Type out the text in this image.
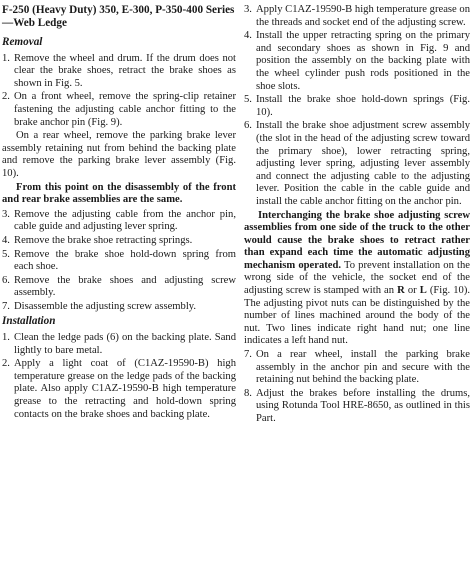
F-250 (Heavy Duty) 350, E-300, P-350-400 Series—Web Ledge
Removal
1. Remove the wheel and drum. If the drum does not clear the brake shoes, retract the brake shoes as shown in Fig. 5.
2. On a front wheel, remove the spring-clip retainer fastening the adjusting cable anchor fitting to the brake anchor pin (Fig. 9).
On a rear wheel, remove the parking brake lever assembly retaining nut from behind the backing plate and remove the parking brake lever assembly (Fig. 10).
From this point on the disassembly of the front and rear brake assemblies are the same.
3. Remove the adjusting cable from the anchor pin, cable guide and adjusting lever spring.
4. Remove the brake shoe retracting springs.
5. Remove the brake shoe hold-down spring from each shoe.
6. Remove the brake shoes and adjusting screw assembly.
7. Disassemble the adjusting screw assembly.
Installation
1. Clean the ledge pads (6) on the backing plate. Sand lightly to bare metal.
2. Apply a light coat of (C1AZ-19590-B) high temperature grease on the ledge pads of the backing plate. Also apply C1AZ-19590-B high temperature grease to the retracting and hold-down spring contacts on the brake shoes and backing plate.
3. Apply C1AZ-19590-B high temperature grease on the threads and socket end of the adjusting screw.
4. Install the upper retracting spring on the primary and secondary shoes as shown in Fig. 9 and position the assembly on the backing plate with the wheel cylinder push rods positioned in the shoe slots.
5. Install the brake shoe hold-down springs (Fig. 10).
6. Install the brake shoe adjustment screw assembly (the slot in the head of the adjusting screw toward the primary shoe), lower retracting spring, adjusting lever spring, adjusting lever assembly and connect the adjusting cable to the adjusting lever. Position the cable in the cable guide and install the cable anchor fitting on the anchor pin.
Interchanging the brake shoe adjusting screw assemblies from one side of the truck to the other would cause the brake shoes to retract rather than expand each time the automatic adjusting mechanism operated. To prevent installation on the wrong side of the vehicle, the socket end of the adjusting screw is stamped with an R or L (Fig. 10). The adjusting pivot nuts can be distinguished by the number of lines machined around the body of the nut. Two lines indicate right hand nut; one line indicates a left hand nut.
7. On a rear wheel, install the parking brake assembly in the anchor pin and secure with the retaining nut behind the backing plate.
8. Adjust the brakes before installing the drums, using Rotunda Tool HRE-8650, as outlined in this Part.
